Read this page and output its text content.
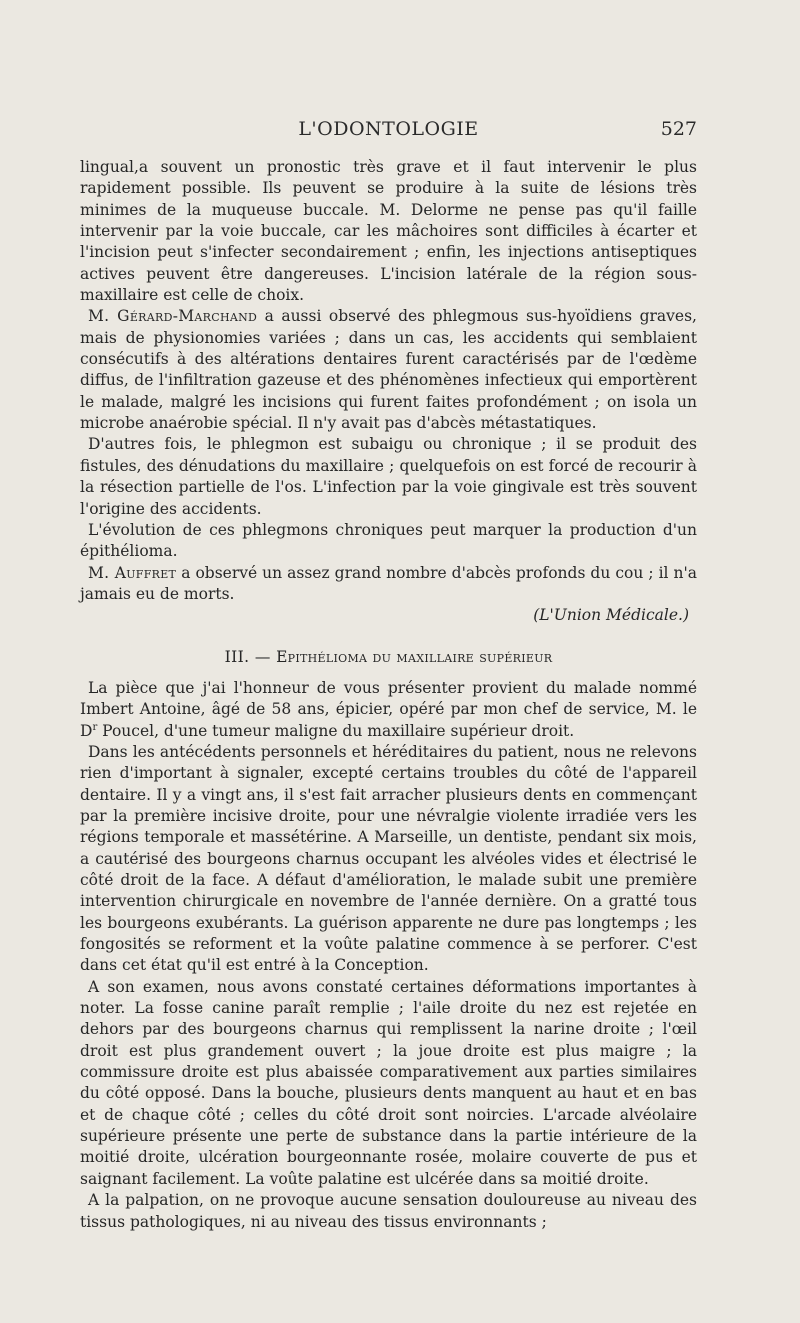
L'ODONTOLOGIE	527

lingual,a souvent un pronostic très grave et il faut intervenir le plus rapidement possible. Ils peuvent se produire à la suite de lésions très minimes de la muqueuse buccale. M. Delorme ne pense pas qu'il faille intervenir par la voie buccale, car les mâchoires sont difficiles à écarter et l'incision peut s'infecter secondairement ; enfin, les injections antiseptiques actives peuvent être dangereuses. L'incision latérale de la région sous-maxillaire est celle de choix.

M. Gérard-Marchand a aussi observé des phlegmous sus-hyoïdiens graves, mais de physionomies variées ; dans un cas, les accidents qui semblaient consécutifs à des altérations dentaires furent caractérisés par de l'œdème diffus, de l'infiltration gazeuse et des phénomènes infectieux qui emportèrent le malade, malgré les incisions qui furent faites profondément ; on isola un microbe anaérobie spécial. Il n'y avait pas d'abcès métastatiques.

D'autres fois, le phlegmon est subaigu ou chronique ; il se produit des fistules, des dénudations du maxillaire ; quelquefois on est forcé de recourir à la résection partielle de l'os. L'infection par la voie gingivale est très souvent l'origine des accidents.

L'évolution de ces phlegmons chroniques peut marquer la production d'un épithélioma.

M. Auffret a observé un assez grand nombre d'abcès profonds du cou ; il n'a jamais eu de morts.

(L'Union Médicale.)

III. — Epithélioma du maxillaire supérieur

La pièce que j'ai l'honneur de vous présenter provient du malade nommé Imbert Antoine, âgé de 58 ans, épicier, opéré par mon chef de service, M. le $D^r$ Poucel, d'une tumeur maligne du maxillaire supérieur droit.

Dans les antécédents personnels et héréditaires du patient, nous ne relevons rien d'important à signaler, excepté certains troubles du côté de l'appareil dentaire. Il y a vingt ans, il s'est fait arracher plusieurs dents en commençant par la première incisive droite, pour une névralgie violente irradiée vers les régions temporale et massétérine. A Marseille, un dentiste, pendant six mois, a cautérisé des bourgeons charnus occupant les alvéoles vides et électrisé le côté droit de la face. A défaut d'amélioration, le malade subit une première intervention chirurgicale en novembre de l'année dernière. On a gratté tous les bourgeons exubérants. La guérison apparente ne dure pas longtemps ; les fongosités se reforment et la voûte palatine commence à se perforer. C'est dans cet état qu'il est entré à la Conception.

A son examen, nous avons constaté certaines déformations importantes à noter. La fosse canine paraît remplie ; l'aile droite du nez est rejetée en dehors par des bourgeons charnus qui remplissent la narine droite ; l'œil droit est plus grandement ouvert ; la joue droite est plus maigre ; la commissure droite est plus abaissée comparativement aux parties similaires du côté opposé. Dans la bouche, plusieurs dents manquent au haut et en bas et de chaque côté ; celles du côté droit sont noircies. L'arcade alvéolaire supérieure présente une perte de substance dans la partie intérieure de la moitié droite, ulcération bourgeonnante rosée, molaire couverte de pus et saignant facilement. La voûte palatine est ulcérée dans sa moitié droite.

A la palpation, on ne provoque aucune sensation douloureuse au niveau des tissus pathologiques, ni au niveau des tissus environnants ;
